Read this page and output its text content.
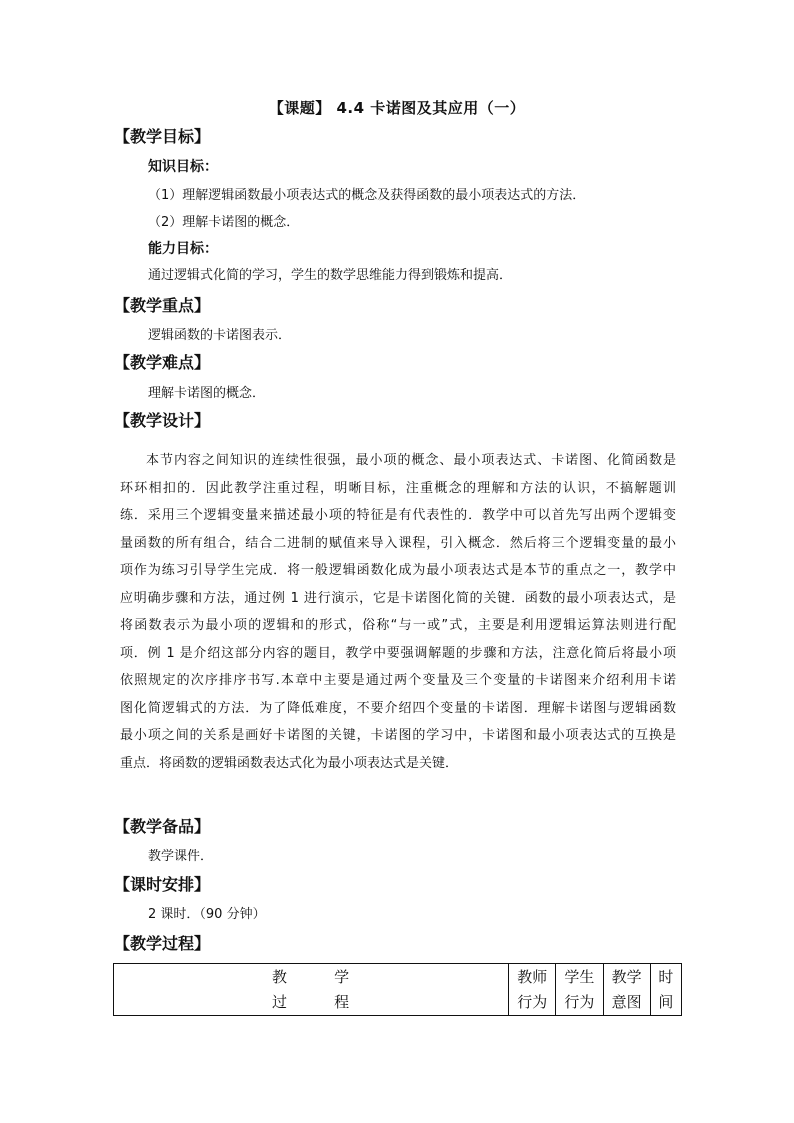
【课题】 4.4 卡诺图及其应用（一）
【教学目标】
知识目标：
（1）理解逻辑函数最小项表达式的概念及获得函数的最小项表达式的方法．
（2）理解卡诺图的概念．
能力目标：
通过逻辑式化简的学习，学生的数学思维能力得到锻炼和提高．
【教学重点】
逻辑函数的卡诺图表示．
【教学难点】
理解卡诺图的概念．
【教学设计】
本节内容之间知识的连续性很强，最小项的概念、最小项表达式、卡诺图、化简函数是
环环相扣的．因此教学注重过程，明晰目标，注重概念的理解和方法的认识，不搞解题训
练．采用三个逻辑变量来描述最小项的特征是有代表性的．教学中可以首先写出两个逻辑变
量函数的所有组合，结合二进制的赋值来导入课程，引入概念．然后将三个逻辑变量的最小
项作为练习引导学生完成．将一般逻辑函数化成为最小项表达式是本节的重点之一，教学中
应明确步骤和方法，通过例 1 进行演示，它是卡诺图化简的关键．函数的最小项表达式，是
将函数表示为最小项的逻辑和的形式，俗称“与一或”式，主要是利用逻辑运算法则进行配
项．例 1 是介绍这部分内容的题目，教学中要强调解题的步骤和方法，注意化简后将最小项
依照规定的次序排序书写.本章中主要是通过两个变量及三个变量的卡诺图来介绍利用卡诺
图化简逻辑式的方法．为了降低难度，不要介绍四个变量的卡诺图．理解卡诺图与逻辑函数
最小项之间的关系是画好卡诺图的关键，卡诺图的学习中，卡诺图和最小项表达式的互换是
重点．将函数的逻辑函数表达式化为最小项表达式是关键．
【教学备品】
教学课件．
【课时安排】
2 课时．（90 分钟）
【教学过程】
教        学
过        程

教师
行为

学生
行为

教学
意图

时
间
